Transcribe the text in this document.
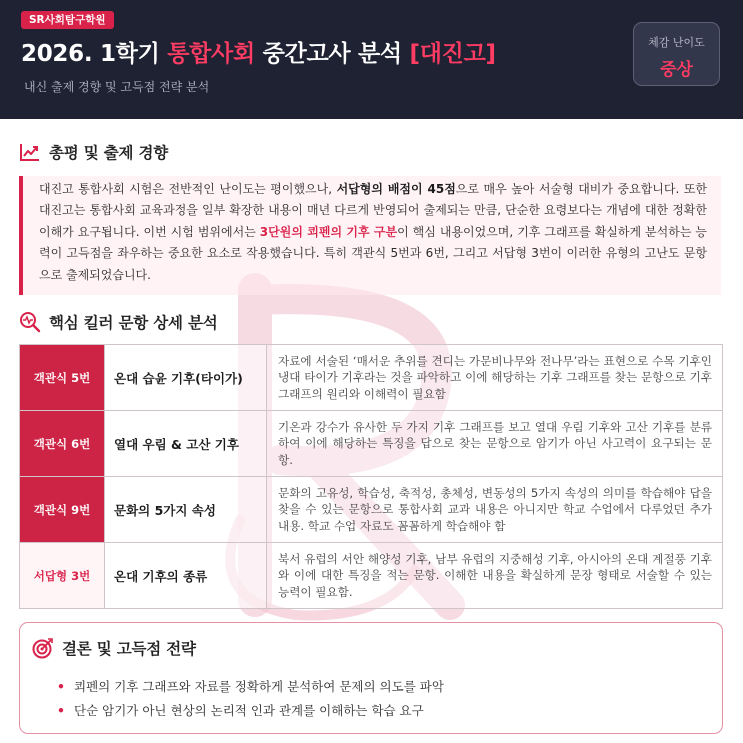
SR사회탐구학원
2026. 1학기 통합사회 중간고사 분석 [대진고]
내신 출제 경향 및 고득점 전략 분석
체감 난이도
중상
총평 및 출제 경향
대진고 통합사회 시험은 전반적인 난이도는 평이했으나, 서답형의 배점이 45점으로 매우 높아 서술형 대비가 중요합니다. 또한 대진고는 통합사회 교육과정을 일부 확장한 내용이 매년 다르게 반영되어 출제되는 만큼, 단순한 요령보다는 개념에 대한 정확한 이해가 요구됩니다. 이번 시험 범위에서는 3단원의 쾨펜의 기후 구분이 핵심 내용이었으며, 기후 그래프를 확실하게 분석하는 능력이 고득점을 좌우하는 중요한 요소로 작용했습니다. 특히 객관식 5번과 6번, 그리고 서답형 3번이 이러한 유형의 고난도 문항으로 출제되었습니다.
핵심 킬러 문항 상세 분석
객관식 5번	온대 습윤 기후(타이가)	자료에 서술된 ‘매서운 추위를 견디는 가문비나무와 전나무’라는 표현으로 수목 기후인 냉대 타이가 기후라는 것을 파악하고 이에 해당하는 기후 그래프를 찾는 문항으로 기후 그래프의 원리와 이해력이 필요함
객관식 6번	열대 우림 & 고산 기후	기온과 강수가 유사한 두 가지 기후 그래프를 보고 열대 우림 기후와 고산 기후를 분류하여 이에 해당하는 특징을 답으로 찾는 문항으로 암기가 아닌 사고력이 요구되는 문항.
객관식 9번	문화의 5가지 속성	문화의 고유성, 학습성, 축적성, 총체성, 변동성의 5가지 속성의 의미를 학습해야 답을 찾을 수 있는 문항으로 통합사회 교과 내용은 아니지만 학교 수업에서 다루었던 추가 내용. 학교 수업 자료도 꼼꼼하게 학습해야 함
서답형 3번	온대 기후의 종류	북서 유럽의 서안 해양성 기후, 남부 유럽의 지중해성 기후, 아시아의 온대 계절풍 기후와 이에 대한 특징을 적는 문항. 이해한 내용을 확실하게 문장 형태로 서술할 수 있는 능력이 필요함.
결론 및 고득점 전략
• 쾨펜의 기후 그래프와 자료를 정확하게 분석하여 문제의 의도를 파악
• 단순 암기가 아닌 현상의 논리적 인과 관계를 이해하는 학습 요구
